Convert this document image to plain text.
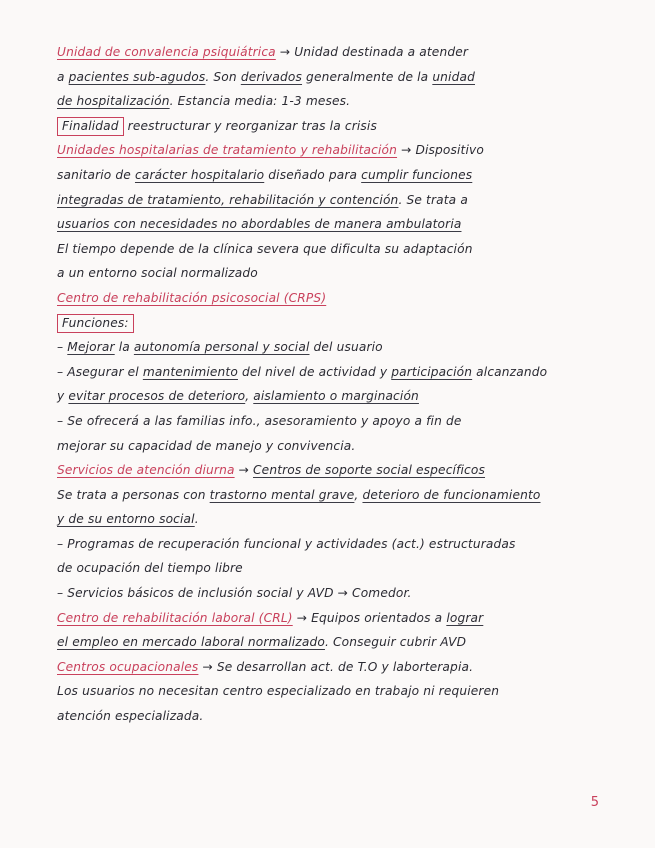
Unidad de convalencia psiquiátrica → Unidad destinada a atender
a pacientes sub-agudos. Son derivados generalmente de la unidad
de hospitalización. Estancia media: 1-3 meses.
Finalidad reestructurar y reorganizar tras la crisis
Unidades hospitalarias de tratamiento y rehabilitación → Dispositivo
sanitario de carácter hospitalario diseñado para cumplir funciones
integradas de tratamiento, rehabilitación y contención. Se trata a
usuarios con necesidades no abordables de manera ambulatoria
El tiempo depende de la clínica severa que dificulta su adaptación
a un entorno social normalizado
Centro de rehabilitación psicosocial (CRPS)
Funciones:
– Mejorar la autonomía personal y social del usuario
– Asegurar el mantenimiento del nivel de actividad y participación alcanzando
y evitar procesos de deterioro, aislamiento o marginación
– Se ofrecerá a las familias info., asesoramiento y apoyo a fin de
mejorar su capacidad de manejo y convivencia.
Servicios de atención diurna → Centros de soporte social específicos
Se trata a personas con trastorno mental grave, deterioro de funcionamiento
y de su entorno social.
– Programas de recuperación funcional y actividades (act.) estructuradas
de ocupación del tiempo libre
– Servicios básicos de inclusión social y AVD → Comedor.
Centro de rehabilitación laboral (CRL) → Equipos orientados a lograr
el empleo en mercado laboral normalizado. Conseguir cubrir AVD
Centros ocupacionales → Se desarrollan act. de T.O y laborterapia.
Los usuarios no necesitan centro especializado en trabajo ni requieren
atención especializada.
5
